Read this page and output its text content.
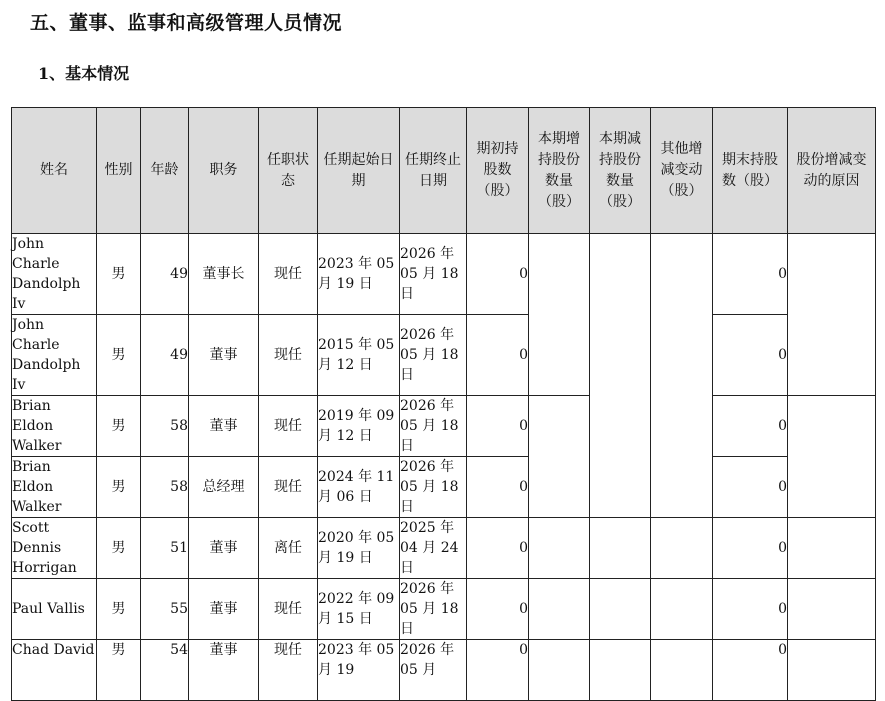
五、董事、监事和高级管理人员情况
1、基本情况
姓名	性别	年龄	职务	任职状态	任期起始日期	任期终止日期	期初持股数（股）	本期增持股份数量（股）	本期减持股份数量（股）	其他增减变动（股）	期末持股数（股）	股份增减变动的原因
John Charle Dandolph Iv	男	49	董事长	现任	2023 年 05 月 19 日	2026 年 05 月 18 日	0				0	
John Charle Dandolph Iv	男	49	董事	现任	2015 年 05 月 12 日	2026 年 05 月 18 日	0				0	
Brian Eldon Walker	男	58	董事	现任	2019 年 09 月 12 日	2026 年 05 月 18 日	0				0	
Brian Eldon Walker	男	58	总经理	现任	2024 年 11 月 06 日	2026 年 05 月 18 日	0				0	
Scott Dennis Horrigan	男	51	董事	离任	2020 年 05 月 19 日	2025 年 04 月 24 日	0				0	
Paul Vallis	男	55	董事	现任	2022 年 09 月 15 日	2026 年 05 月 18 日	0				0	
Chad David	男	54	董事	现任	2023 年 05 月 19	2026 年 05 月	0				0	
